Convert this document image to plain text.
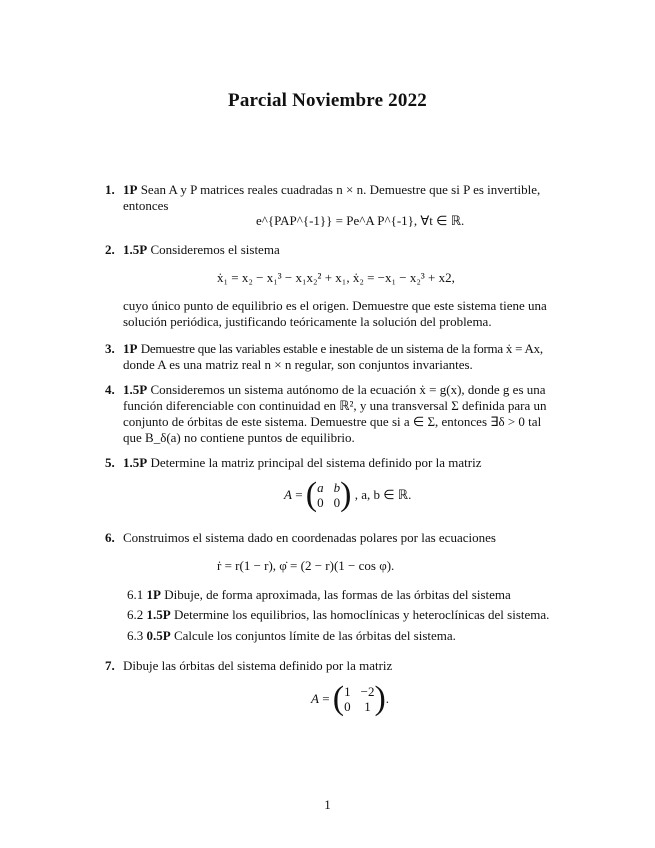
Parcial Noviembre 2022
1. 1P Sean A y P matrices reales cuadradas n × n. Demuestre que si P es invertible,
entonces
e^{PAP^{-1}} = Pe^A P^{-1}, ∀t ∈ ℝ.
2. 1.5P Consideremos el sistema
ẋ₁ = x₂ − x₁³ − x₁x₂² + x₁, ẋ₂ = −x₁ − x₂³ + x2,
cuyo único punto de equilibrio es el origen. Demuestre que este sistema tiene una
solución periódica, justificando teóricamente la solución del problema.
3. 1P Demuestre que las variables estable e inestable de un sistema de la forma ẋ = Ax,
donde A es una matriz real n × n regular, son conjuntos invariantes.
4. 1.5P Consideremos un sistema autónomo de la ecuación ẋ = g(x), donde g es una
función diferenciable con continuidad en ℝ², y una transversal Σ definida para un
conjunto de órbitas de este sistema. Demuestre que si a ∈ Σ, entonces ∃δ > 0 tal
que B_δ(a) no contiene puntos de equilibrio.
5. 1.5P Determine la matriz principal del sistema definido por la matriz
A = ( a b
0 0 ) , a, b ∈ ℝ.
6. Construimos el sistema dado en coordenadas polares por las ecuaciones
ṙ = r(1 − r), φ̇ = (2 − r)(1 − cos φ).
6.1 1P Dibuje, de forma aproximada, las formas de las órbitas del sistema
6.2 1.5P Determine los equilibrios, las homoclínicas y heteroclínicas del sistema.
6.3 0.5P Calcule los conjuntos límite de las órbitas del sistema.
7. Dibuje las órbitas del sistema definido por la matriz
A = ( 1 −2
0 1 ).
1
